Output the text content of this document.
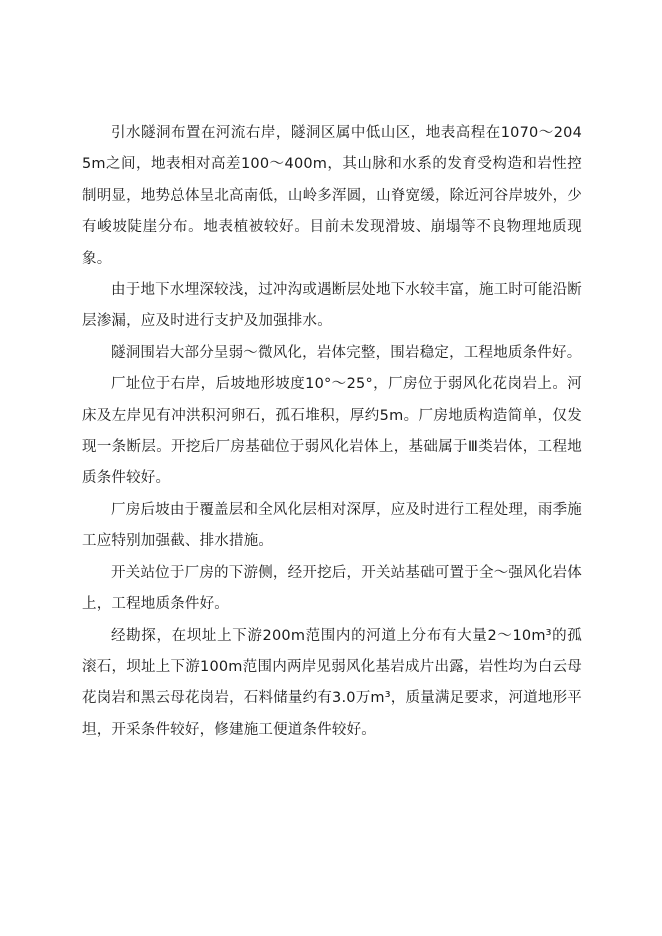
引水隧洞布置在河流右岸，隧洞区属中低山区，地表高程在1070～2045m之间，地表相对高差100～400m，其山脉和水系的发育受构造和岩性控制明显，地势总体呈北高南低，山岭多浑圆，山脊宽缓，除近河谷岸坡外，少有峻坡陡崖分布。地表植被较好。目前未发现滑坡、崩塌等不良物理地质现象。

由于地下水埋深较浅，过冲沟或遇断层处地下水较丰富，施工时可能沿断层渗漏，应及时进行支护及加强排水。

隧洞围岩大部分呈弱～微风化，岩体完整，围岩稳定，工程地质条件好。

厂址位于右岸，后坡地形坡度10°～25°，厂房位于弱风化花岗岩上。河床及左岸见有冲洪积河卵石，孤石堆积，厚约5m。厂房地质构造简单，仅发现一条断层。开挖后厂房基础位于弱风化岩体上，基础属于Ⅲ类岩体，工程地质条件较好。

厂房后坡由于覆盖层和全风化层相对深厚，应及时进行工程处理，雨季施工应特别加强截、排水措施。

开关站位于厂房的下游侧，经开挖后，开关站基础可置于全～强风化岩体上，工程地质条件好。

经勘探，在坝址上下游200m范围内的河道上分布有大量2～10m³的孤滚石，坝址上下游100m范围内两岸见弱风化基岩成片出露，岩性均为白云母花岗岩和黑云母花岗岩，石料储量约有3.0万m³，质量满足要求，河道地形平坦，开采条件较好，修建施工便道条件较好。
